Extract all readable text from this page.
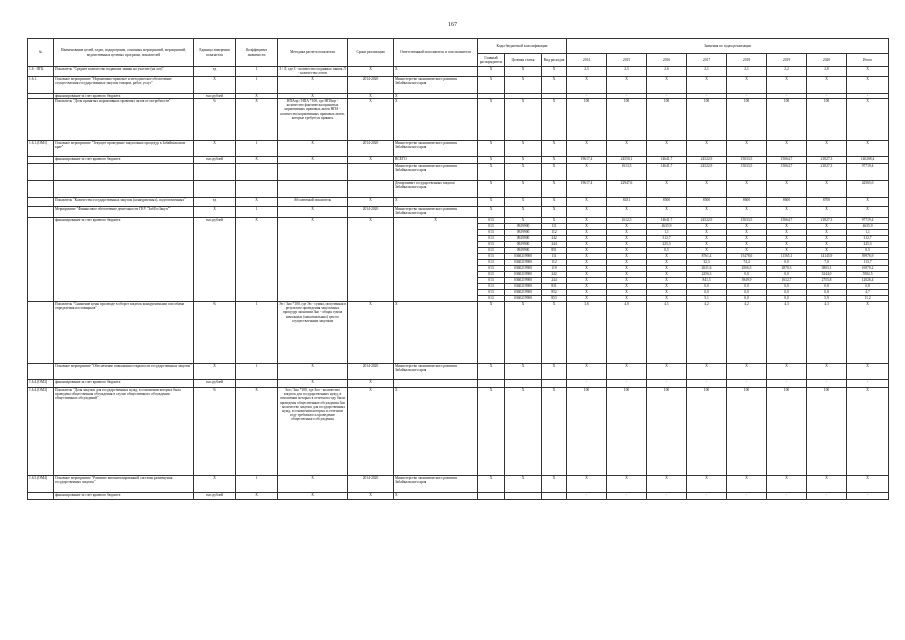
167
№	Наименование целей, задач, подпрограмм, основных мероприятий, мероприятий, ведомственных целевых программ, показателей	Единица измерения показателя	Коэффициент значимости	Методика расчета показателя	Сроки реализации	Ответственный исполнитель и соисполнители	Коды бюджетной классификации			Значения по годам реализации							
							Главный распорядитель	Целевая статья	Вид расходов	2014	2015	2016	2017	2018	2019	2020	Итого
1.6 - ПП2	Показатель "Среднее количество подавших заявки на участие (на лот)"	ед	1	З / Л, где З - количество поданных заявок Л - количество лотов	Х	Х	Х	Х	Х	2,5	2,5	2,6	2,1	2,1	2,2	2,8	Х
1.6.1.	Основное мероприятие "Нормативно-правовое и методическое обеспечение осуществления государственных закупок товаров, работ, услуг"	Х	1	Х	2014-2020	Министерство экономического развития Забайкальского края	Х	Х	Х	Х	Х	Х	Х	Х	Х	Х	Х
	финансирование за счет краевого бюджета	тыс.рублей	Х	Х	Х	Х				-	-	-	-	-	-	-	-
	Показатель "Доля принятых нормативных правовых актов от потребности"	%	Х	НПАпр / НПА *100, где НПАпр - количество фактически принятых нормативных правовых актов НПА - количество нормативных правовых актов, которые требуется принять	Х	Х	Х	Х	Х	100	100	100	100	100	100	100	Х
1.6.1.(ОМ1)	Основное мероприятие "Текущее проведение закупочных процедур в Забайкальском крае"	Х	1	Х	2014-2020	Министерство экономического развития Забайкальского края	Х	Х	Х	Х	Х	Х	Х	Х	Х	Х	Х
	финансирование за счет краевого бюджета	тыс.рублей	Х	Х	Х	ВСЕГО	Х	Х	Х	19617,4	24550,1	14641,7	24522,9	15033,5	15064,7	21827,3	140208,4
						Министерство экономического развития Забайкальского края	Х	Х	Х	Х	1613,5	14641,7	24522,9	15033,5	15064,7	21827,3	97719,4
						Департамент государственных закупок Забайкальского края	Х	Х	Х	19617,4	22947,6	Х	Х	Х	Х	Х	42565,0
	Показатель "Количество государственных закупок (конкурентных), подготовленных"	ед	Х	Абсолютный показатель	Х	Х	Х	Х	Х	Х	8431	8500	8500	8600	8600	8700	Х
	Мероприятие "Финансовое обеспечение деятельности ГКУ "ЗабГосЗакуп""	Х	1	Х	2014-2020	Министерство экономического развития Забайкальского края	Х	Х	Х	Х	Х	Х	Х	Х	Х	Х	Х
	финансирование за счет краевого бюджета	тыс.рублей	Х	Х	Х	Х	013	Х	Х	Х	1612,5	14641,7	24522,9	15033,5	15064,7	21827,3	97719,4
							013	0929900	111	Х	Х	4635,9	Х	Х	Х	Х	4635,9
							013	0929900	112	Х	Х	1,1	Х	Х	Х	Х	1,1
							013	0929900	242	Х	Х	312,7	Х	Х	Х	Х	312,7
							013	0929900	244	Х	Х	225,3	Х	Х	Х	Х	225,3
							013	0929900	851	Х	Х	0,5	Х	Х	Х	Х	0,5
							013	0360219900	111	Х	Х	Х	8761,4	15478,6	11565,1	14145,9	59976,9
							013	0360219900	112	Х	Х	Х	32,3	74,4	0,0	7,0	113,7
							013	0360219900	119	Х	Х	Х	2631,6	4566,5	2878,3	3803,1	16970,2
							013	0360219900	242	Х	Х	Х	2256,3	0,0	0,0	3244,0	5582,5
							013	0360219900	244	Х	Х	Х	841,3	3949,9	1612,7	2755,8	12026,4
							013	0360219900	831	Х	Х	Х	0,0	0,0	0,0	0,8	0,8
							013	0360219900	852	Х	Х	Х	0,0	0,0	0,0	0,8	4,7
							013	0360219900	853	Х	Х	Х	5,1	0,0	0,0	5,9	11,2
	Показатель "Снижение цены при вводе в оборот закупок конкурентными способами определения поставщиков"	%	1	Эп / Зно *100, где Эп - сумма, полученная в результате проведения закупочных процедур экономии Зно - общая сумма начальных (максимальных) цен по осуществленным закупкам	Х	Х	Х	Х	Х	3,6	4,0	4,1	4,2	4,2	4,3	4,3	Х
	Основное мероприятие "Обеспечение повышения открытости государственных закупок"	Х	1	Х	2014-2020	Министерство экономического развития Забайкальского края	Х	Х	Х	Х	Х	Х	Х	Х	Х	Х	Х
1.6.4.(ОМ3)	финансирование за счет краевого бюджета	тыс.рублей		Х	Х					-	-	-	-	-	-	-	-
1.6.4.(ОМ3)	Показатель "Доля закупок для государственных нужд, в отношении которых была проведена общественная обсуждения в случае общественного обсуждения общественных обсуждений"	%	Х	Зоо / Зно *100, где Зоо - количество закупок для государственных нужд, в отношении которых в отчетном году были проведены общественные обсуждения Зно - количество закупок для государственных нужд, в отношении которых в отчетном году требовалось проведение общественного обсуждения	Х	Х	Х	Х	Х	100	100	100	100	100	100	100	Х
1.6.5.(ОМ4)	Основное мероприятие "Развитие автоматизированной системы размещения государственных закупок"	Х	1	Х	2014-2020	Министерство экономического развития Забайкальского края	Х	Х	Х	Х	Х	Х	Х	Х	Х	Х	Х
	финансирование за счет краевого бюджета	тыс.рублей	Х	Х	Х	Х				-	-	-	-	-	-	-	-
